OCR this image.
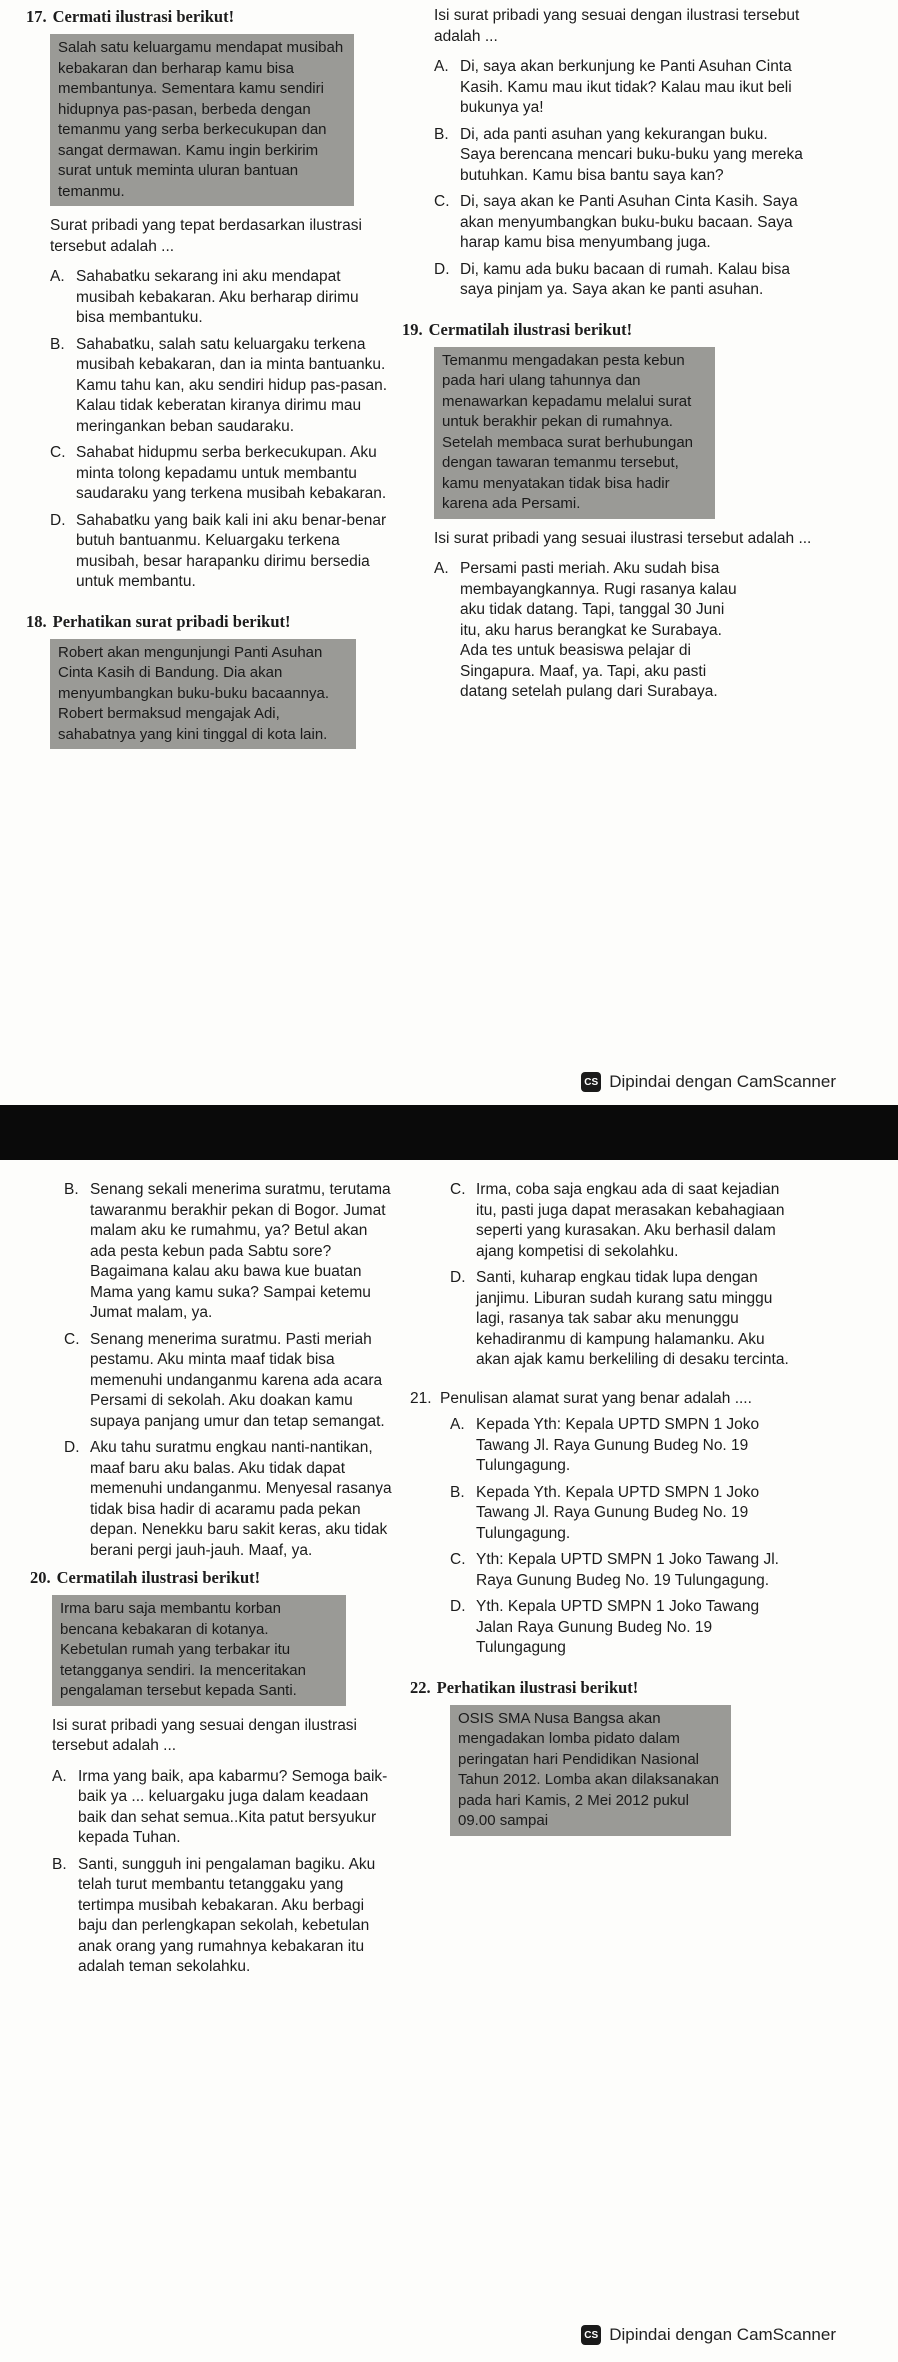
17. Cermati ilustrasi berikut!
Salah satu keluargamu mendapat musibah kebakaran dan berharap kamu bisa membantunya. Sementara kamu sendiri hidupnya pas-pasan, berbeda dengan temanmu yang serba berkecukupan dan sangat dermawan. Kamu ingin berkirim surat untuk meminta uluran bantuan temanmu.
Surat pribadi yang tepat berdasarkan ilustrasi tersebut adalah ...
A. Sahabatku sekarang ini aku mendapat musibah kebakaran. Aku berharap dirimu bisa membantuku.
B. Sahabatku, salah satu keluargaku terkena musibah kebakaran, dan ia minta bantuanku. Kamu tahu kan, aku sendiri hidup pas-pasan. Kalau tidak keberatan kiranya dirimu mau meringankan beban saudaraku.
C. Sahabat hidupmu serba berkecukupan. Aku minta tolong kepadamu untuk membantu saudaraku yang terkena musibah kebakaran.
D. Sahabatku yang baik kali ini aku benar-benar butuh bantuanmu. Keluargaku terkena musibah, besar harapanku dirimu bersedia untuk membantu.
18. Perhatikan surat pribadi berikut!
Robert akan mengunjungi Panti Asuhan Cinta Kasih di Bandung. Dia akan menyumbangkan buku-buku bacaannya. Robert bermaksud mengajak Adi, sahabatnya yang kini tinggal di kota lain.
Isi surat pribadi yang sesuai dengan ilustrasi tersebut adalah ...
A. Di, saya akan berkunjung ke Panti Asuhan Cinta Kasih. Kamu mau ikut tidak? Kalau mau ikut beli bukunya ya!
B. Di, ada panti asuhan yang kekurangan buku. Saya berencana mencari buku-buku yang mereka butuhkan. Kamu bisa bantu saya kan?
C. Di, saya akan ke Panti Asuhan Cinta Kasih. Saya akan menyumbangkan buku-buku bacaan. Saya harap kamu bisa menyumbang juga.
D. Di, kamu ada buku bacaan di rumah. Kalau bisa saya pinjam ya. Saya akan ke panti asuhan.
19. Cermatilah ilustrasi berikut!
Temanmu mengadakan pesta kebun pada hari ulang tahunnya dan menawarkan kepadamu melalui surat untuk berakhir pekan di rumahnya. Setelah membaca surat berhubungan dengan tawaran temanmu tersebut, kamu menyatakan tidak bisa hadir karena ada Persami.
Isi surat pribadi yang sesuai ilustrasi tersebut adalah ...
A. Persami pasti meriah. Aku sudah bisa membayangkannya. Rugi rasanya kalau aku tidak datang. Tapi, tanggal 30 Juni itu, aku harus berangkat ke Surabaya. Ada tes untuk beasiswa pelajar di Singapura. Maaf, ya. Tapi, aku pasti datang setelah pulang dari Surabaya.
CS Dipindai dengan CamScanner
B. Senang sekali menerima suratmu, terutama tawaranmu berakhir pekan di Bogor. Jumat malam aku ke rumahmu, ya? Betul akan ada pesta kebun pada Sabtu sore? Bagaimana kalau aku bawa kue buatan Mama yang kamu suka? Sampai ketemu Jumat malam, ya.
C. Senang menerima suratmu. Pasti meriah pestamu. Aku minta maaf tidak bisa memenuhi undanganmu karena ada acara Persami di sekolah. Aku doakan kamu supaya panjang umur dan tetap semangat.
D. Aku tahu suratmu engkau nanti-nantikan, maaf baru aku balas. Aku tidak dapat memenuhi undanganmu. Menyesal rasanya tidak bisa hadir di acaramu pada pekan depan. Nenekku baru sakit keras, aku tidak berani pergi jauh-jauh. Maaf, ya.
20. Cermatilah ilustrasi berikut!
Irma baru saja membantu korban bencana kebakaran di kotanya. Kebetulan rumah yang terbakar itu tetangganya sendiri. Ia menceritakan pengalaman tersebut kepada Santi.
Isi surat pribadi yang sesuai dengan ilustrasi tersebut adalah ...
A. Irma yang baik, apa kabarmu? Semoga baik-baik ya ... keluargaku juga dalam keadaan baik dan sehat semua..Kita patut bersyukur kepada Tuhan.
B. Santi, sungguh ini pengalaman bagiku. Aku telah turut membantu tetanggaku yang tertimpa musibah kebakaran. Aku berbagi baju dan perlengkapan sekolah, kebetulan anak orang yang rumahnya kebakaran itu adalah teman sekolahku.
C. Irma, coba saja engkau ada di saat kejadian itu, pasti juga dapat merasakan kebahagiaan seperti yang kurasakan. Aku berhasil dalam ajang kompetisi di sekolahku.
D. Santi, kuharap engkau tidak lupa dengan janjimu. Liburan sudah kurang satu minggu lagi, rasanya tak sabar aku menunggu kehadiranmu di kampung halamanku. Aku akan ajak kamu berkeliling di desaku tercinta.
21. Penulisan alamat surat yang benar adalah ....
A. Kepada Yth: Kepala UPTD SMPN 1 Joko Tawang Jl. Raya Gunung Budeg No. 19 Tulungagung.
B. Kepada Yth. Kepala UPTD SMPN 1 Joko Tawang Jl. Raya Gunung Budeg No. 19 Tulungagung.
C. Yth: Kepala UPTD SMPN 1 Joko Tawang Jl. Raya Gunung Budeg No. 19 Tulungagung.
D. Yth. Kepala UPTD SMPN 1 Joko Tawang Jalan Raya Gunung Budeg No. 19 Tulungagung
22. Perhatikan ilustrasi berikut!
OSIS SMA Nusa Bangsa akan mengadakan lomba pidato dalam peringatan hari Pendidikan Nasional Tahun 2012. Lomba akan dilaksanakan pada hari Kamis, 2 Mei 2012 pukul 09.00 sampai
CS Dipindai dengan CamScanner
